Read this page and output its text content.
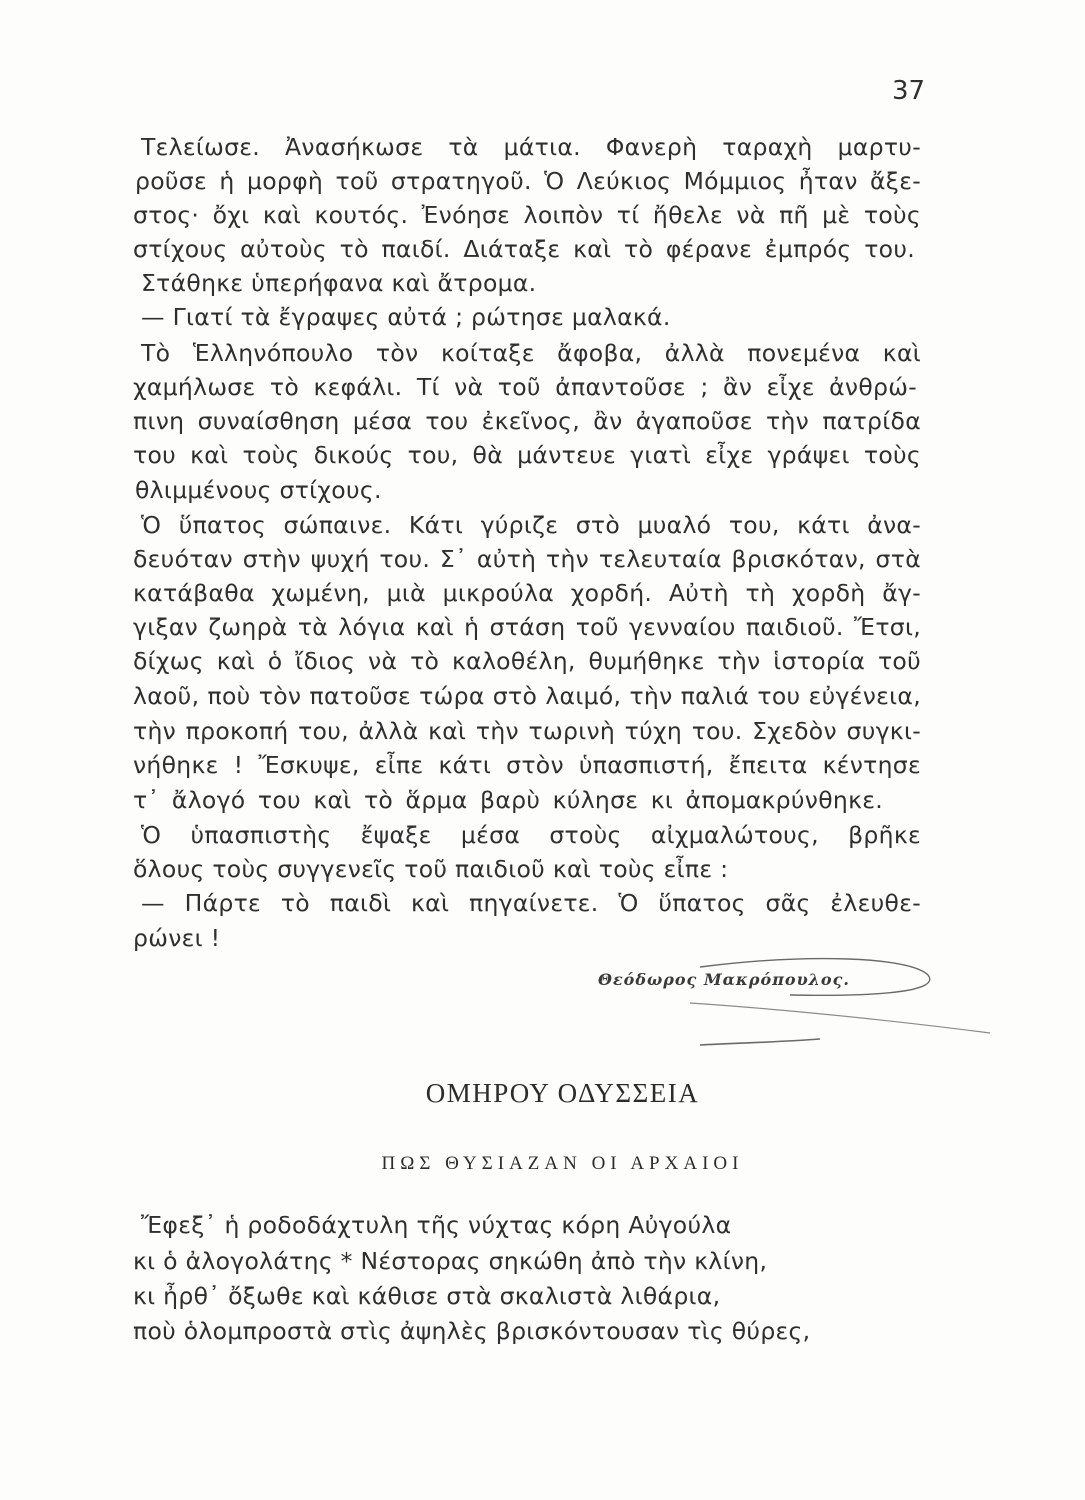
37
Τελείωσε. Ἀνασήκωσε τὰ μάτια. Φανερὴ ταραχὴ μαρτυ-
ροῦσε ἡ μορφὴ τοῦ στρατηγοῦ. Ὁ Λεύκιος Μόμμιος ἦταν ἄξε-
στος· ὄχι καὶ κουτός. Ἐνόησε λοιπὸν τί ἤθελε νὰ πῆ μὲ τοὺς
στίχους αὐτοὺς τὸ παιδί. Διάταξε καὶ τὸ φέρανε ἐμπρός του.
Στάθηκε ὑπερήφανα καὶ ἄτρομα.
— Γιατί τὰ ἔγραψες αὐτά ; ρώτησε μαλακά.
Τὸ Ἑλληνόπουλο τὸν κοίταξε ἄφοβα, ἀλλὰ πονεμένα καὶ
χαμήλωσε τὸ κεφάλι. Τί νὰ τοῦ ἀπαντοῦσε ; ἂν εἶχε ἀνθρώ-
πινη συναίσθηση μέσα του ἐκεῖνος, ἂν ἀγαποῦσε τὴν πατρίδα
του καὶ τοὺς δικούς του, θὰ μάντευε γιατὶ εἶχε γράψει τοὺς
θλιμμένους στίχους.
Ὁ ὕπατος σώπαινε. Κάτι γύριζε στὸ μυαλό του, κάτι ἀνα-
δευόταν στὴν ψυχή του. Σ᾿ αὐτὴ τὴν τελευταία βρισκόταν, στὰ
κατάβαθα χωμένη, μιὰ μικρούλα χορδή. Αὐτὴ τὴ χορδὴ ἄγ-
γιξαν ζωηρὰ τὰ λόγια καὶ ἡ στάση τοῦ γενναίου παιδιοῦ. Ἔτσι,
δίχως καὶ ὁ ἴδιος νὰ τὸ καλοθέλη, θυμήθηκε τὴν ἱστορία τοῦ
λαοῦ, ποὺ τὸν πατοῦσε τώρα στὸ λαιμό, τὴν παλιά του εὐγένεια,
τὴν προκοπή του, ἀλλὰ καὶ τὴν τωρινὴ τύχη του. Σχεδὸν συγκι-
νήθηκε ! Ἔσκυψε, εἶπε κάτι στὸν ὑπασπιστή, ἔπειτα κέντησε
τ᾿ ἄλογό του καὶ τὸ ἅρμα βαρὺ κύλησε κι ἀπομακρύνθηκε.
Ὁ ὑπασπιστὴς ἔψαξε μέσα στοὺς αἰχμαλώτους, βρῆκε
ὅλους τοὺς συγγενεῖς τοῦ παιδιοῦ καὶ τοὺς εἶπε :
— Πάρτε τὸ παιδὶ καὶ πηγαίνετε. Ὁ ὕπατος σᾶς ἐλευθε-
ρώνει !
Θεόδωρος Μακρόπουλος.
ΟΜΗΡΟΥ ΟΔΥΣΣΕΙΑ
ΠΩΣ ΘΥΣΙΑΖΑΝ ΟΙ ΑΡΧΑΙΟΙ
Ἔφεξ᾿ ἡ ροδοδάχτυλη τῆς νύχτας κόρη Αὐγούλα
κι ὁ ἀλογολάτης * Νέστορας σηκώθη ἀπὸ τὴν κλίνη,
κι ἦρθ᾿ ὄξωθε καὶ κάθισε στὰ σκαλιστὰ λιθάρια,
ποὺ ὁλομπροστὰ στὶς ἀψηλὲς βρισκόντουσαν τὶς θύρες,
